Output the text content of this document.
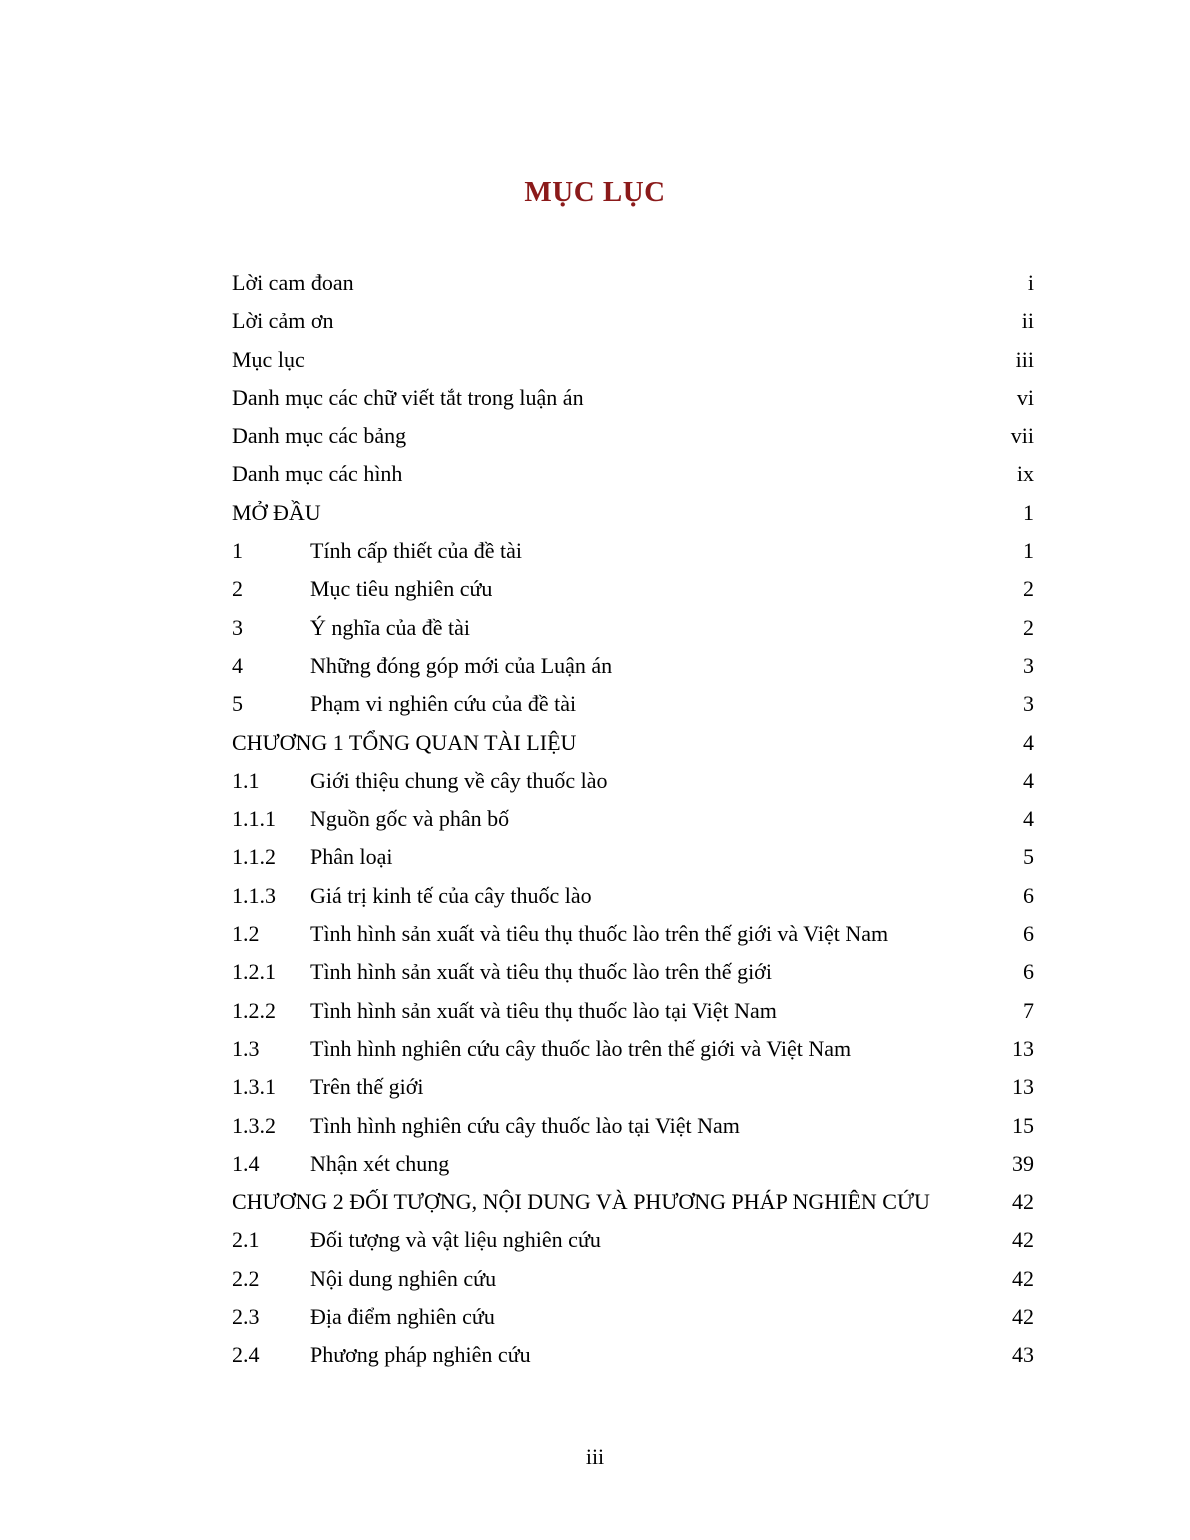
MỤC LỤC
Lời cam đoan	i
Lời cảm ơn	ii
Mục lục	iii
Danh mục các chữ viết tắt trong luận án	vi
Danh mục các bảng	vii
Danh mục các hình	ix
MỞ ĐẦU	1
1	Tính cấp thiết của đề tài	1
2	Mục tiêu nghiên cứu	2
3	Ý nghĩa của đề tài	2
4	Những đóng góp mới của Luận án	3
5	Phạm vi nghiên cứu của đề tài	3
CHƯƠNG 1 TỔNG QUAN TÀI LIỆU	4
1.1 Giới thiệu chung về cây thuốc lào	4
1.1.1 Nguồn gốc và phân bố	4
1.1.2 Phân loại	5
1.1.3 Giá trị kinh tế của cây thuốc lào	6
1.2 Tình hình sản xuất và tiêu thụ thuốc lào trên thế giới và Việt Nam	6
1.2.1 Tình hình sản xuất và tiêu thụ thuốc lào trên thế giới	6
1.2.2 Tình hình sản xuất và tiêu thụ thuốc lào tại Việt Nam	7
1.3 Tình hình nghiên cứu cây thuốc lào trên thế giới và Việt Nam	13
1.3.1 Trên thế giới	13
1.3.2 Tình hình nghiên cứu cây thuốc lào tại Việt Nam	15
1.4 Nhận xét chung	39
CHƯƠNG 2 ĐỐI TƯỢNG, NỘI DUNG VÀ PHƯƠNG PHÁP NGHIÊN CỨU	42
2.1 Đối tượng và vật liệu nghiên cứu	42
2.2 Nội dung nghiên cứu	42
2.3 Địa điểm nghiên cứu	42
2.4 Phương pháp nghiên cứu	43
iii
